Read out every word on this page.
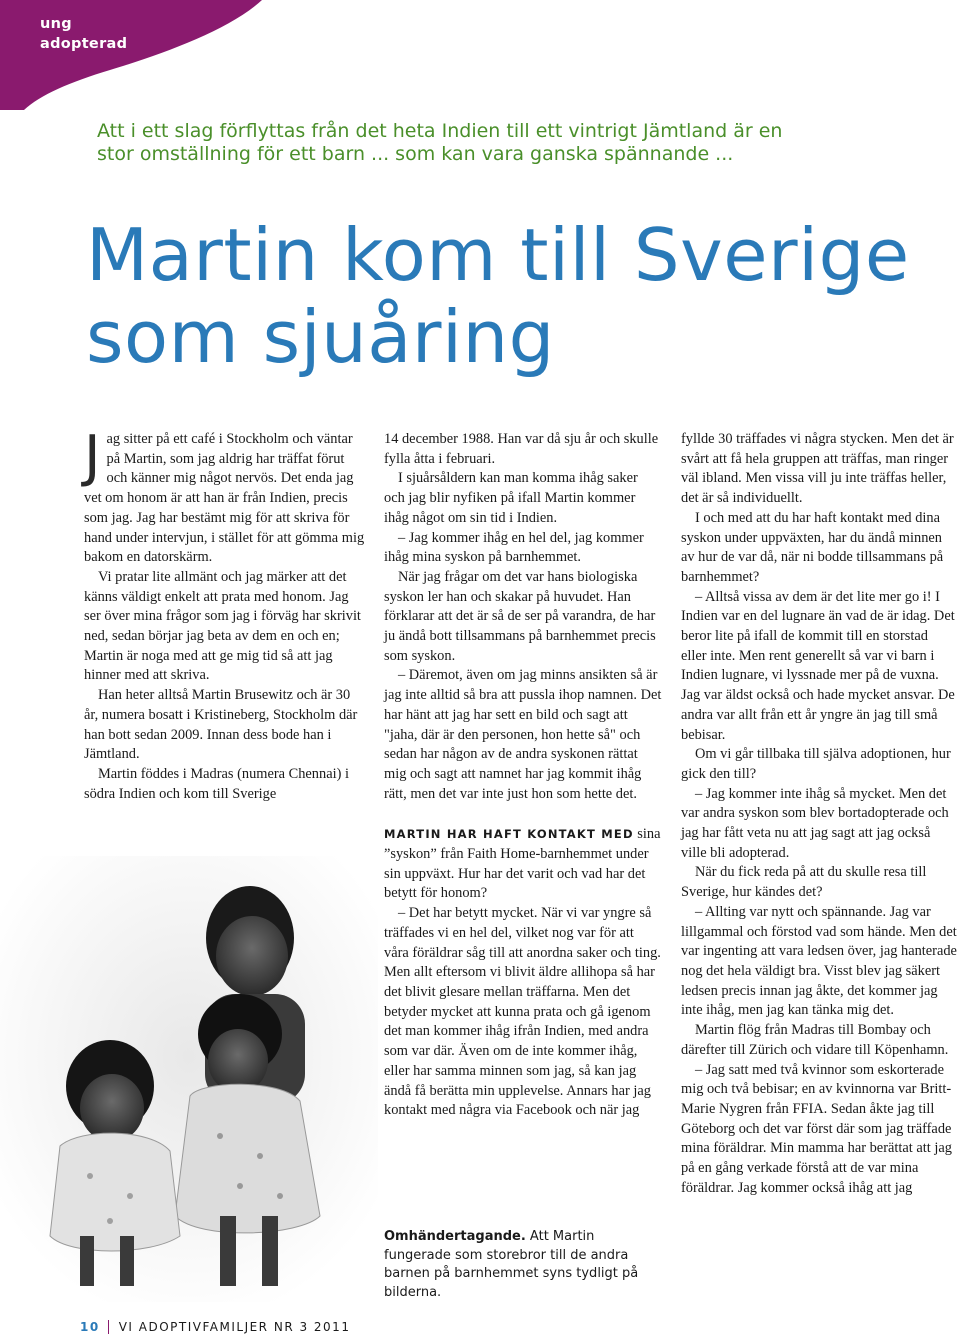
ung
adopterad
Att i ett slag förflyttas från det heta Indien till ett vintrigt Jämtland är en
stor omställning för ett barn ... som kan vara ganska spännande ...
Martin kom till Sverige
som sjuåring

Jag sitter på ett café i Stockholm och väntar på Martin, som jag aldrig har träffat förut och känner mig något nervös. Det enda jag vet om honom är att han är från Indien, precis som jag. Jag har bestämt mig för att skriva för hand under intervjun, i stället för att gömma mig bakom en datorskärm.

Vi pratar lite allmänt och jag märker att det känns väldigt enkelt att prata med honom. Jag ser över mina frågor som jag i förväg har skrivit ned, sedan börjar jag beta av dem en och en; Martin är noga med att ge mig tid så att jag hinner med att skriva.

Han heter alltså Martin Brusewitz och är 30 år, numera bosatt i Kristineberg, Stockholm där han bott sedan 2009. Innan dess bode han i Jämtland.

Martin föddes i Madras (numera Chennai) i södra Indien och kom till Sverige

14 december 1988. Han var då sju år och skulle fylla åtta i februari.

I sjuårsåldern kan man komma ihåg saker och jag blir nyfiken på ifall Martin kommer ihåg något om sin tid i Indien.

– Jag kommer ihåg en hel del, jag kommer ihåg mina syskon på barnhemmet.

När jag frågar om det var hans biologiska syskon ler han och skakar på huvudet. Han förklarar att det är så de ser på varandra, de har ju ändå bott tillsammans på barnhemmet precis som syskon.

– Däremot, även om jag minns ansikten så är jag inte alltid så bra att pussla ihop namnen. Det har hänt att jag har sett en bild och sagt att "jaha, där är den personen, hon hette så" och sedan har någon av de andra syskonen rättat mig och sagt att namnet har jag kommit ihåg rätt, men det var inte just hon som hette det.

MARTIN HAR HAFT KONTAKT MED sina ”syskon” från Faith Home-barnhemmet under sin uppväxt. Hur har det varit och vad har det betytt för honom?

– Det har betytt mycket. När vi var yngre så träffades vi en hel del, vilket nog var för att våra föräldrar såg till att anordna saker och ting. Men allt eftersom vi blivit äldre allihopa så har det blivit glesare mellan träffarna. Men det betyder mycket att kunna prata och gå igenom det man kommer ihåg ifrån Indien, med andra som var där. Även om de inte kommer ihåg, eller har samma minnen som jag, så kan jag ändå få berätta min upplevelse. Annars har jag kontakt med några via Facebook och när jag

Omhändertagande. Att Martin fungerade som storebror till de andra barnen på barnhemmet syns tydligt på bilderna.

fyllde 30 träffades vi några stycken. Men det är svårt att få hela gruppen att träffas, man ringer väl ibland. Men vissa vill ju inte träffas heller, det är så individuellt.

I och med att du har haft kontakt med dina syskon under uppväxten, har du ändå minnen av hur de var då, när ni bodde tillsammans på barnhemmet?

– Alltså vissa av dem är det lite mer go i! I Indien var en del lugnare än vad de är idag. Det beror lite på ifall de kommit till en storstad eller inte. Men rent generellt så var vi barn i Indien lugnare, vi lyssnade mer på de vuxna. Jag var äldst också och hade mycket ansvar. De andra var allt från ett år yngre än jag till små bebisar.

Om vi går tillbaka till själva adoptionen, hur gick den till?

– Jag kommer inte ihåg så mycket. Men det var andra syskon som blev bortadopterade och jag har fått veta nu att jag sagt att jag också ville bli adopterad.

När du fick reda på att du skulle resa till Sverige, hur kändes det?

– Allting var nytt och spännande. Jag var lillgammal och förstod vad som hände. Men det var ingenting att vara ledsen över, jag hanterade nog det hela väldigt bra. Visst blev jag säkert ledsen precis innan jag åkte, det kommer jag inte ihåg, men jag kan tänka mig det.

Martin flög från Madras till Bombay och därefter till Zürich och vidare till Köpenhamn.

– Jag satt med två kvinnor som eskorterade mig och två bebisar; en av kvinnorna var Britt-Marie Nygren från FFIA. Sedan åkte jag till Göteborg och det var först där som jag träffade mina föräldrar. Min mamma har berättat att jag på en gång verkade förstå att de var mina föräldrar. Jag kommer också ihåg att jag

10	VI ADOPTIVFAMILJER NR 3 2011
